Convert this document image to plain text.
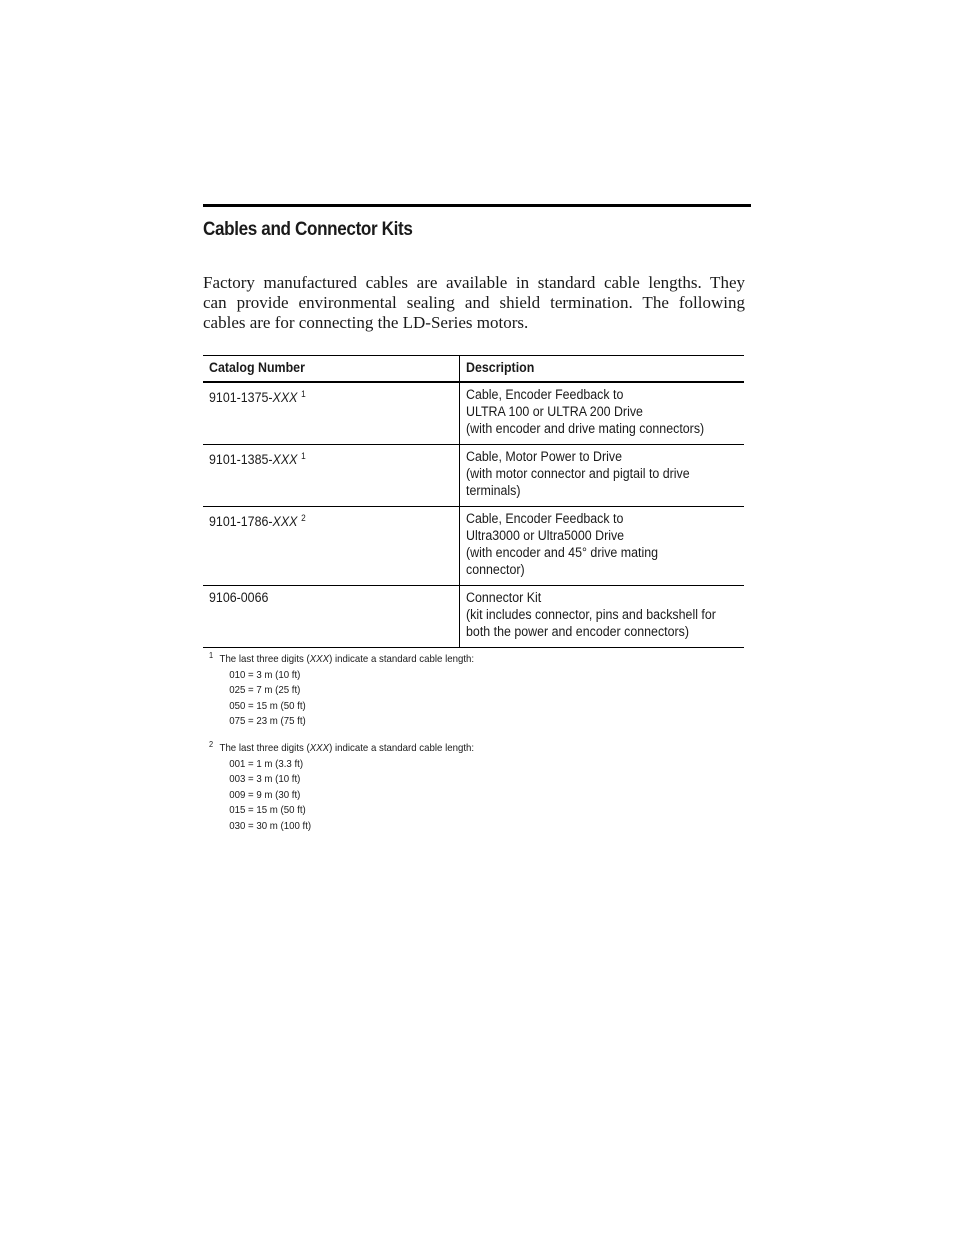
Cables and Connector Kits
Factory manufactured cables are available in standard cable lengths. They
can provide environmental sealing and shield termination. The following
cables are for connecting the LD-Series motors.
Catalog Number	Description
9101-1375-XXX $^1$	Cable, Encoder Feedback to
ULTRA 100 or ULTRA 200 Drive
(with encoder and drive mating connectors)
9101-1385-XXX $^1$	Cable, Motor Power to Drive
(with motor connector and pigtail to drive
terminals)
9101-1786-XXX $^2$	Cable, Encoder Feedback to
Ultra3000 or Ultra5000 Drive
(with encoder and 45° drive mating
connector)
9106-0066	Connector Kit
(kit includes connector, pins and backshell for
both the power and encoder connectors)
$^1$ The last three digits (XXX) indicate a standard cable length:
010 = 3 m (10 ft)
025 = 7 m (25 ft)
050 = 15 m (50 ft)
075 = 23 m (75 ft)
$^2$ The last three digits (XXX) indicate a standard cable length:
001 = 1 m (3.3 ft)
003 = 3 m (10 ft)
009 = 9 m (30 ft)
015 = 15 m (50 ft)
030 = 30 m (100 ft)
